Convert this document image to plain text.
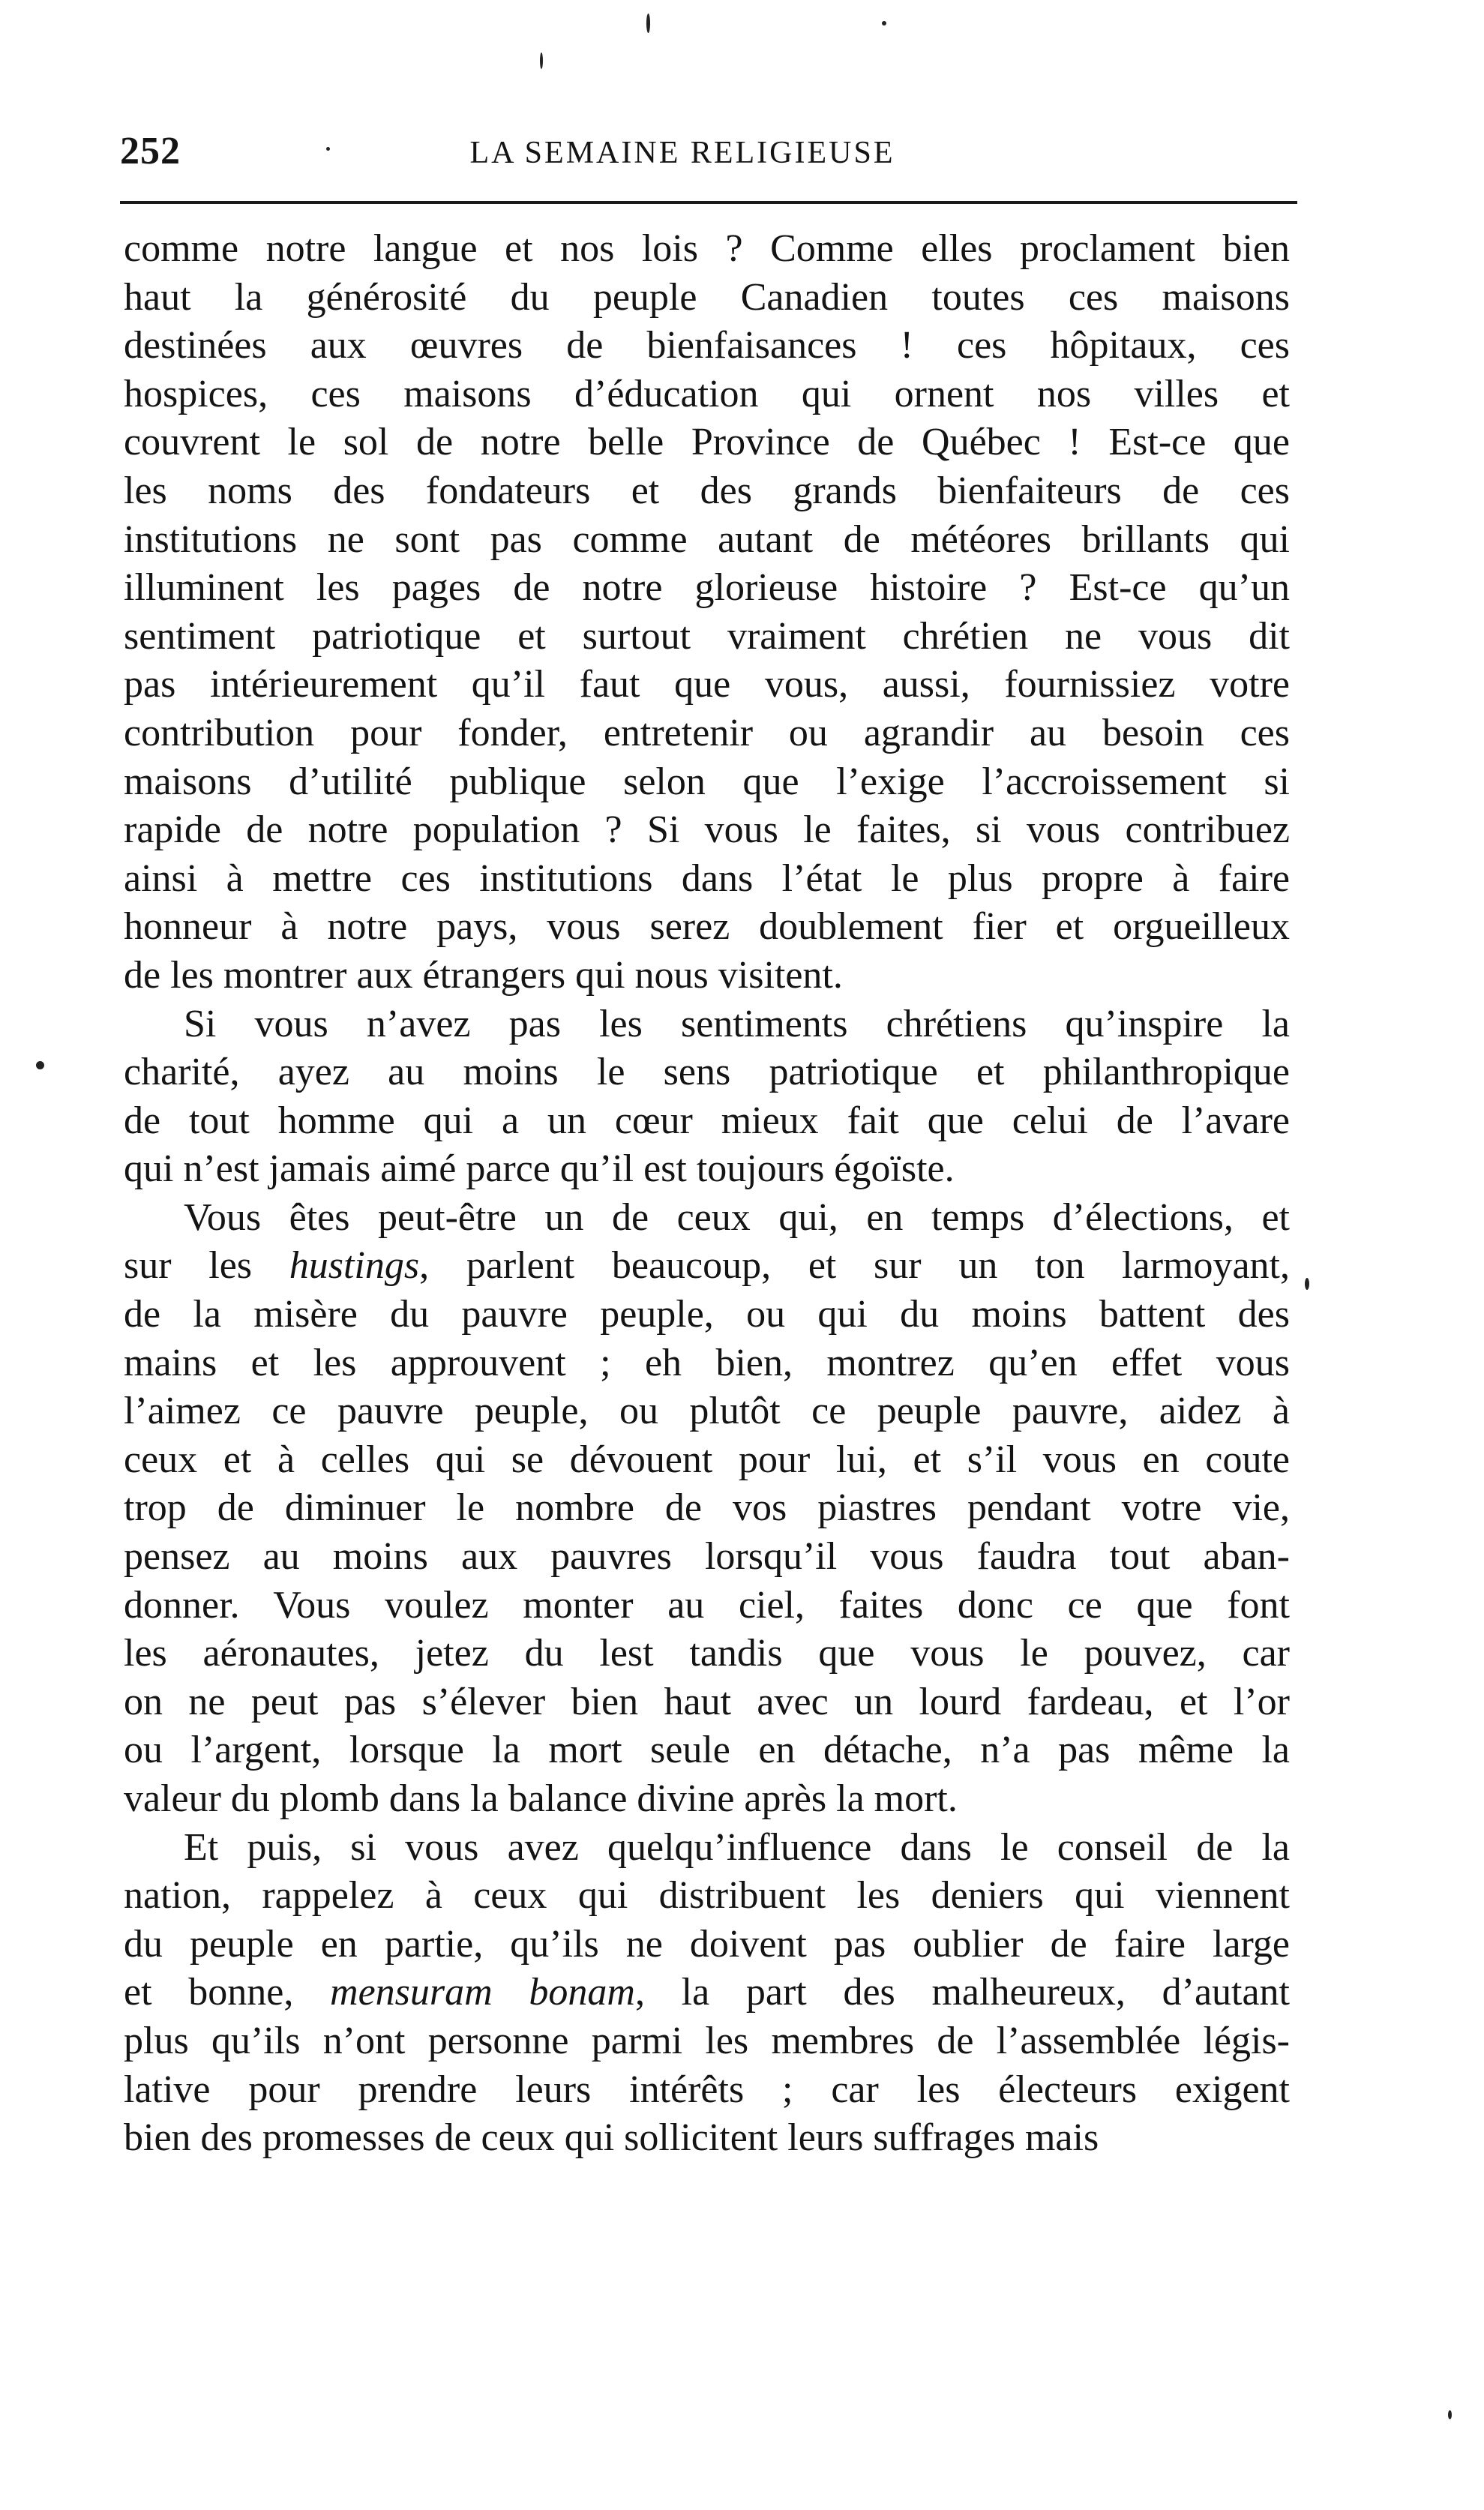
252	LA SEMAINE RELIGIEUSE
comme notre langue et nos lois ? Comme elles proclament bien
haut la générosité du peuple Canadien toutes ces maisons
destinées aux œuvres de bienfaisances ! ces hôpitaux, ces
hospices, ces maisons d’éducation qui ornent nos villes et
couvrent le sol de notre belle Province de Québec ! Est-ce que
les noms des fondateurs et des grands bienfaiteurs de ces
institutions ne sont pas comme autant de météores brillants qui
illuminent les pages de notre glorieuse histoire ? Est-ce qu’un
sentiment patriotique et surtout vraiment chrétien ne vous dit
pas intérieurement qu’il faut que vous, aussi, fournissiez votre
contribution pour fonder, entretenir ou agrandir au besoin ces
maisons d’utilité publique selon que l’exige l’accroissement si
rapide de notre population ? Si vous le faites, si vous contribuez
ainsi à mettre ces institutions dans l’état le plus propre à faire
honneur à notre pays, vous serez doublement fier et orgueilleux
de les montrer aux étrangers qui nous visitent.
Si vous n’avez pas les sentiments chrétiens qu’inspire la
charité, ayez au moins le sens patriotique et philanthropique
de tout homme qui a un cœur mieux fait que celui de l’avare
qui n’est jamais aimé parce qu’il est toujours égoïste.
Vous êtes peut-être un de ceux qui, en temps d’élections, et
sur les hustings, parlent beaucoup, et sur un ton larmoyant,
de la misère du pauvre peuple, ou qui du moins battent des
mains et les approuvent ; eh bien, montrez qu’en effet vous
l’aimez ce pauvre peuple, ou plutôt ce peuple pauvre, aidez à
ceux et à celles qui se dévouent pour lui, et s’il vous en coute
trop de diminuer le nombre de vos piastres pendant votre vie,
pensez au moins aux pauvres lorsqu’il vous faudra tout aban-
donner. Vous voulez monter au ciel, faites donc ce que font
les aéronautes, jetez du lest tandis que vous le pouvez, car
on ne peut pas s’élever bien haut avec un lourd fardeau, et l’or
ou l’argent, lorsque la mort seule en détache, n’a pas même la
valeur du plomb dans la balance divine après la mort.
Et puis, si vous avez quelqu’influence dans le conseil de la
nation, rappelez à ceux qui distribuent les deniers qui viennent
du peuple en partie, qu’ils ne doivent pas oublier de faire large
et bonne, mensuram bonam, la part des malheureux, d’autant
plus qu’ils n’ont personne parmi les membres de l’assemblée légis-
lative pour prendre leurs intérêts ; car les électeurs exigent
bien des promesses de ceux qui sollicitent leurs suffrages mais
